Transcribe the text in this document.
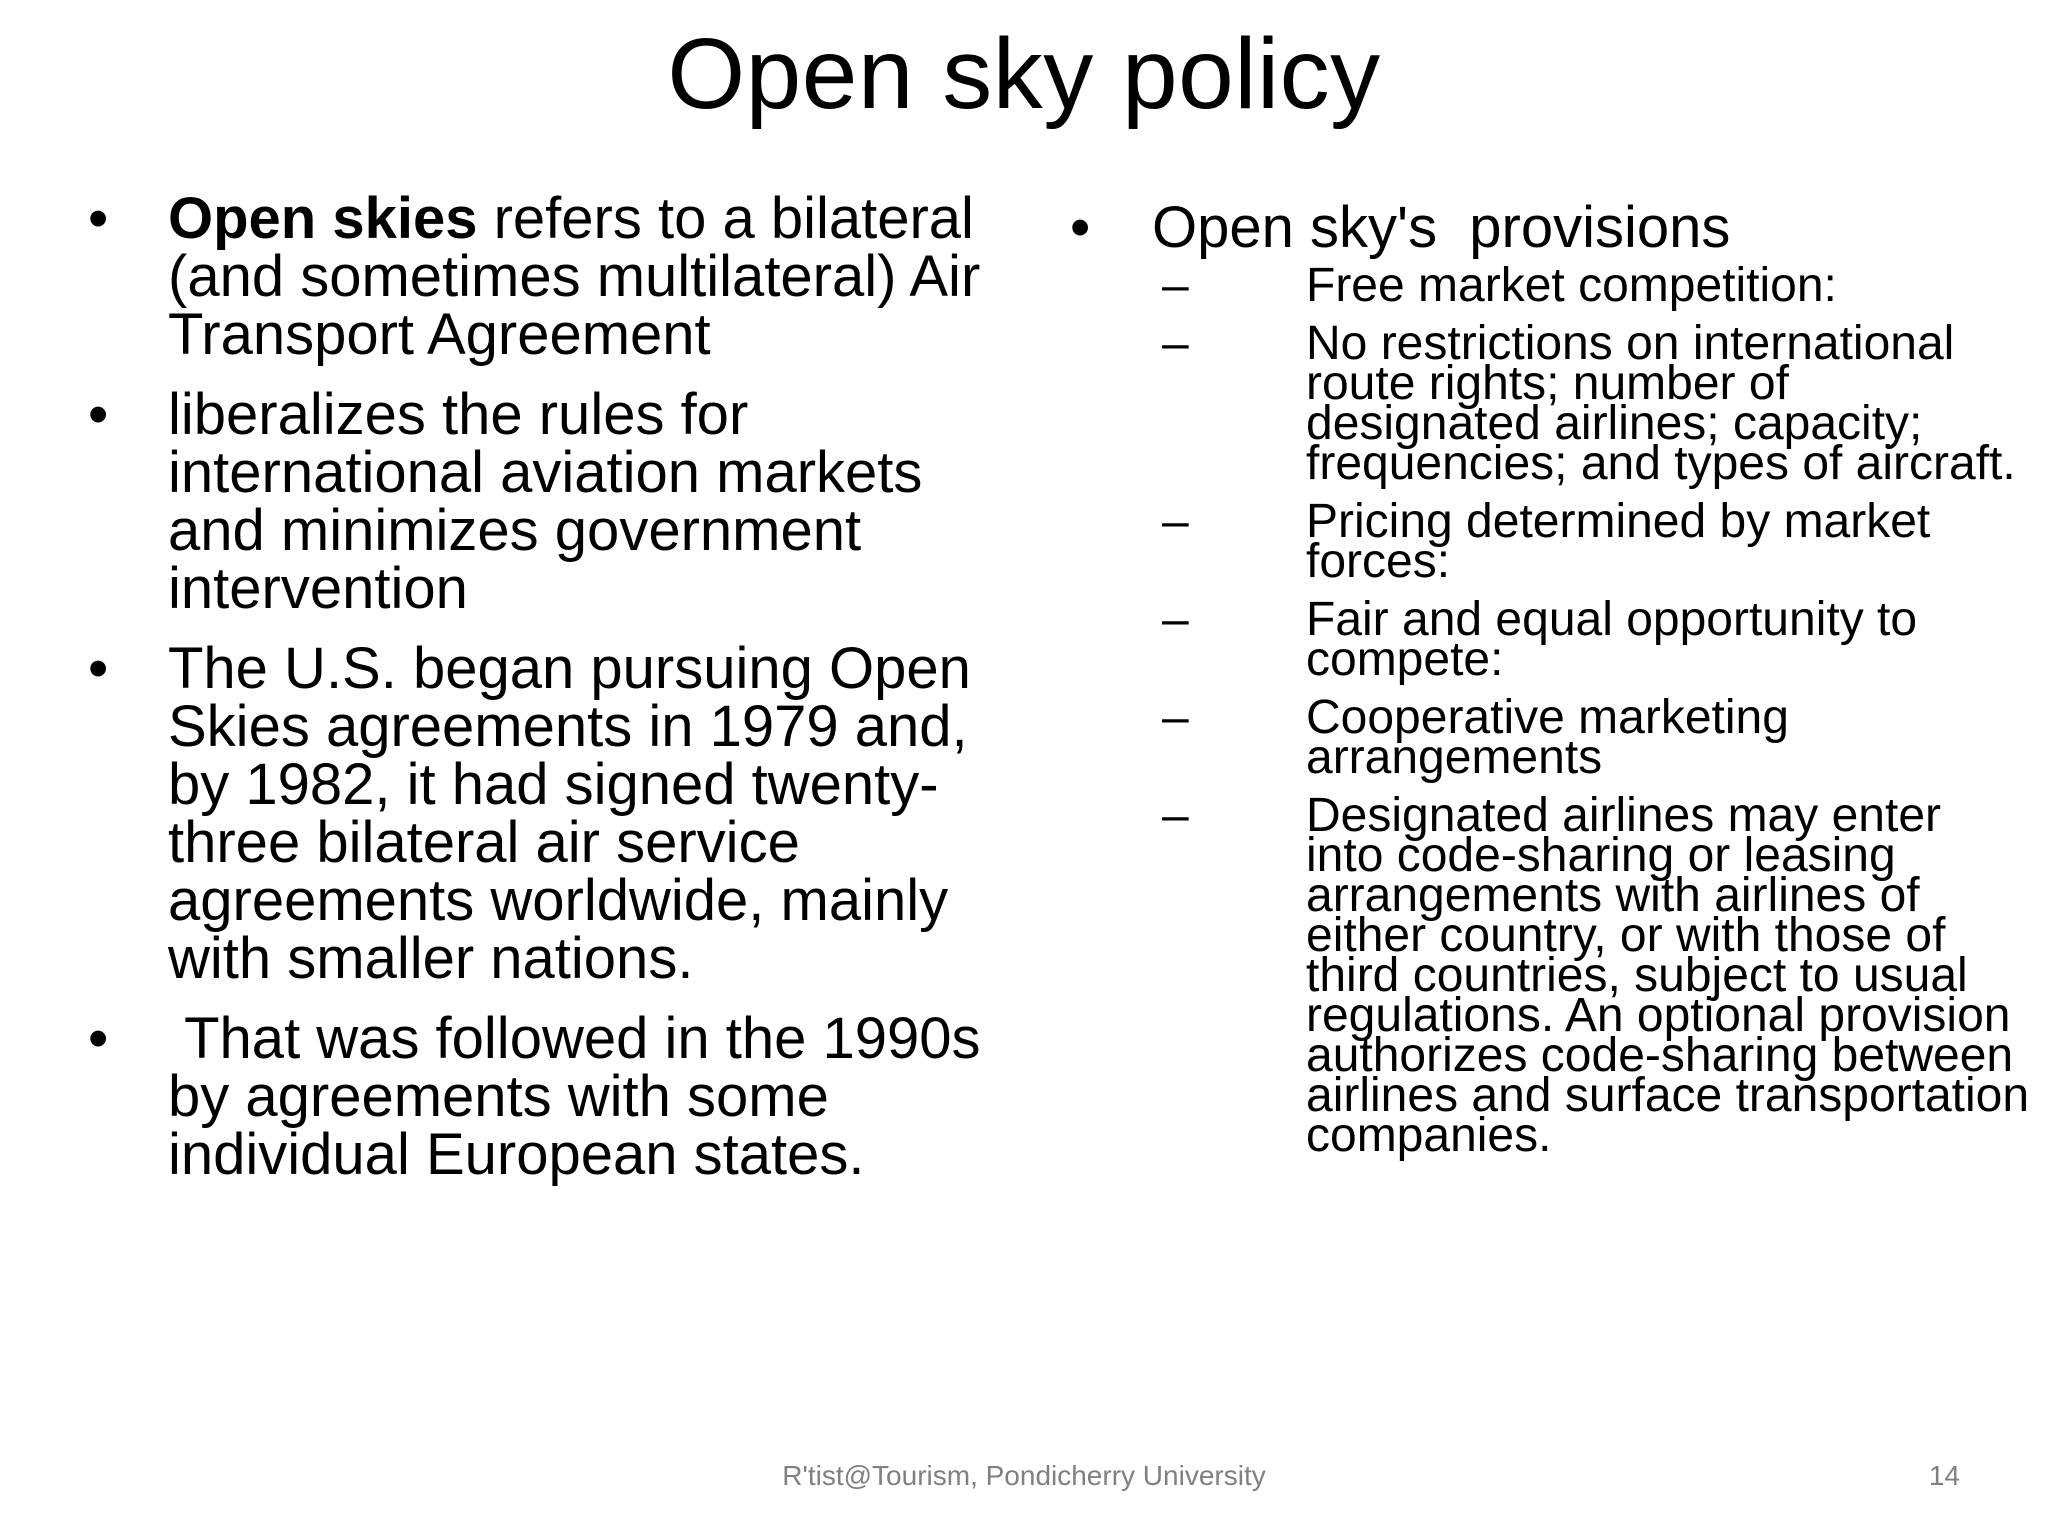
Open sky policy
• Open skies refers to a bilateral (and sometimes multilateral) Air Transport Agreement
• liberalizes the rules for international aviation markets and minimizes government intervention
• The U.S. began pursuing Open Skies agreements in 1979 and, by 1982, it had signed twenty-three bilateral air service agreements worldwide, mainly with smaller nations.
• That was followed in the 1990s by agreements with some individual European states.
• Open sky's  provisions
– Free market competition:
– No restrictions on international route rights; number of designated airlines; capacity; frequencies; and types of aircraft.
– Pricing determined by market forces:
– Fair and equal opportunity to compete:
– Cooperative marketing arrangements
– Designated airlines may enter into code-sharing or leasing arrangements with airlines of either country, or with those of third countries, subject to usual regulations. An optional provision authorizes code-sharing between airlines and surface transportation companies.
R'tist@Tourism, Pondicherry University	14
